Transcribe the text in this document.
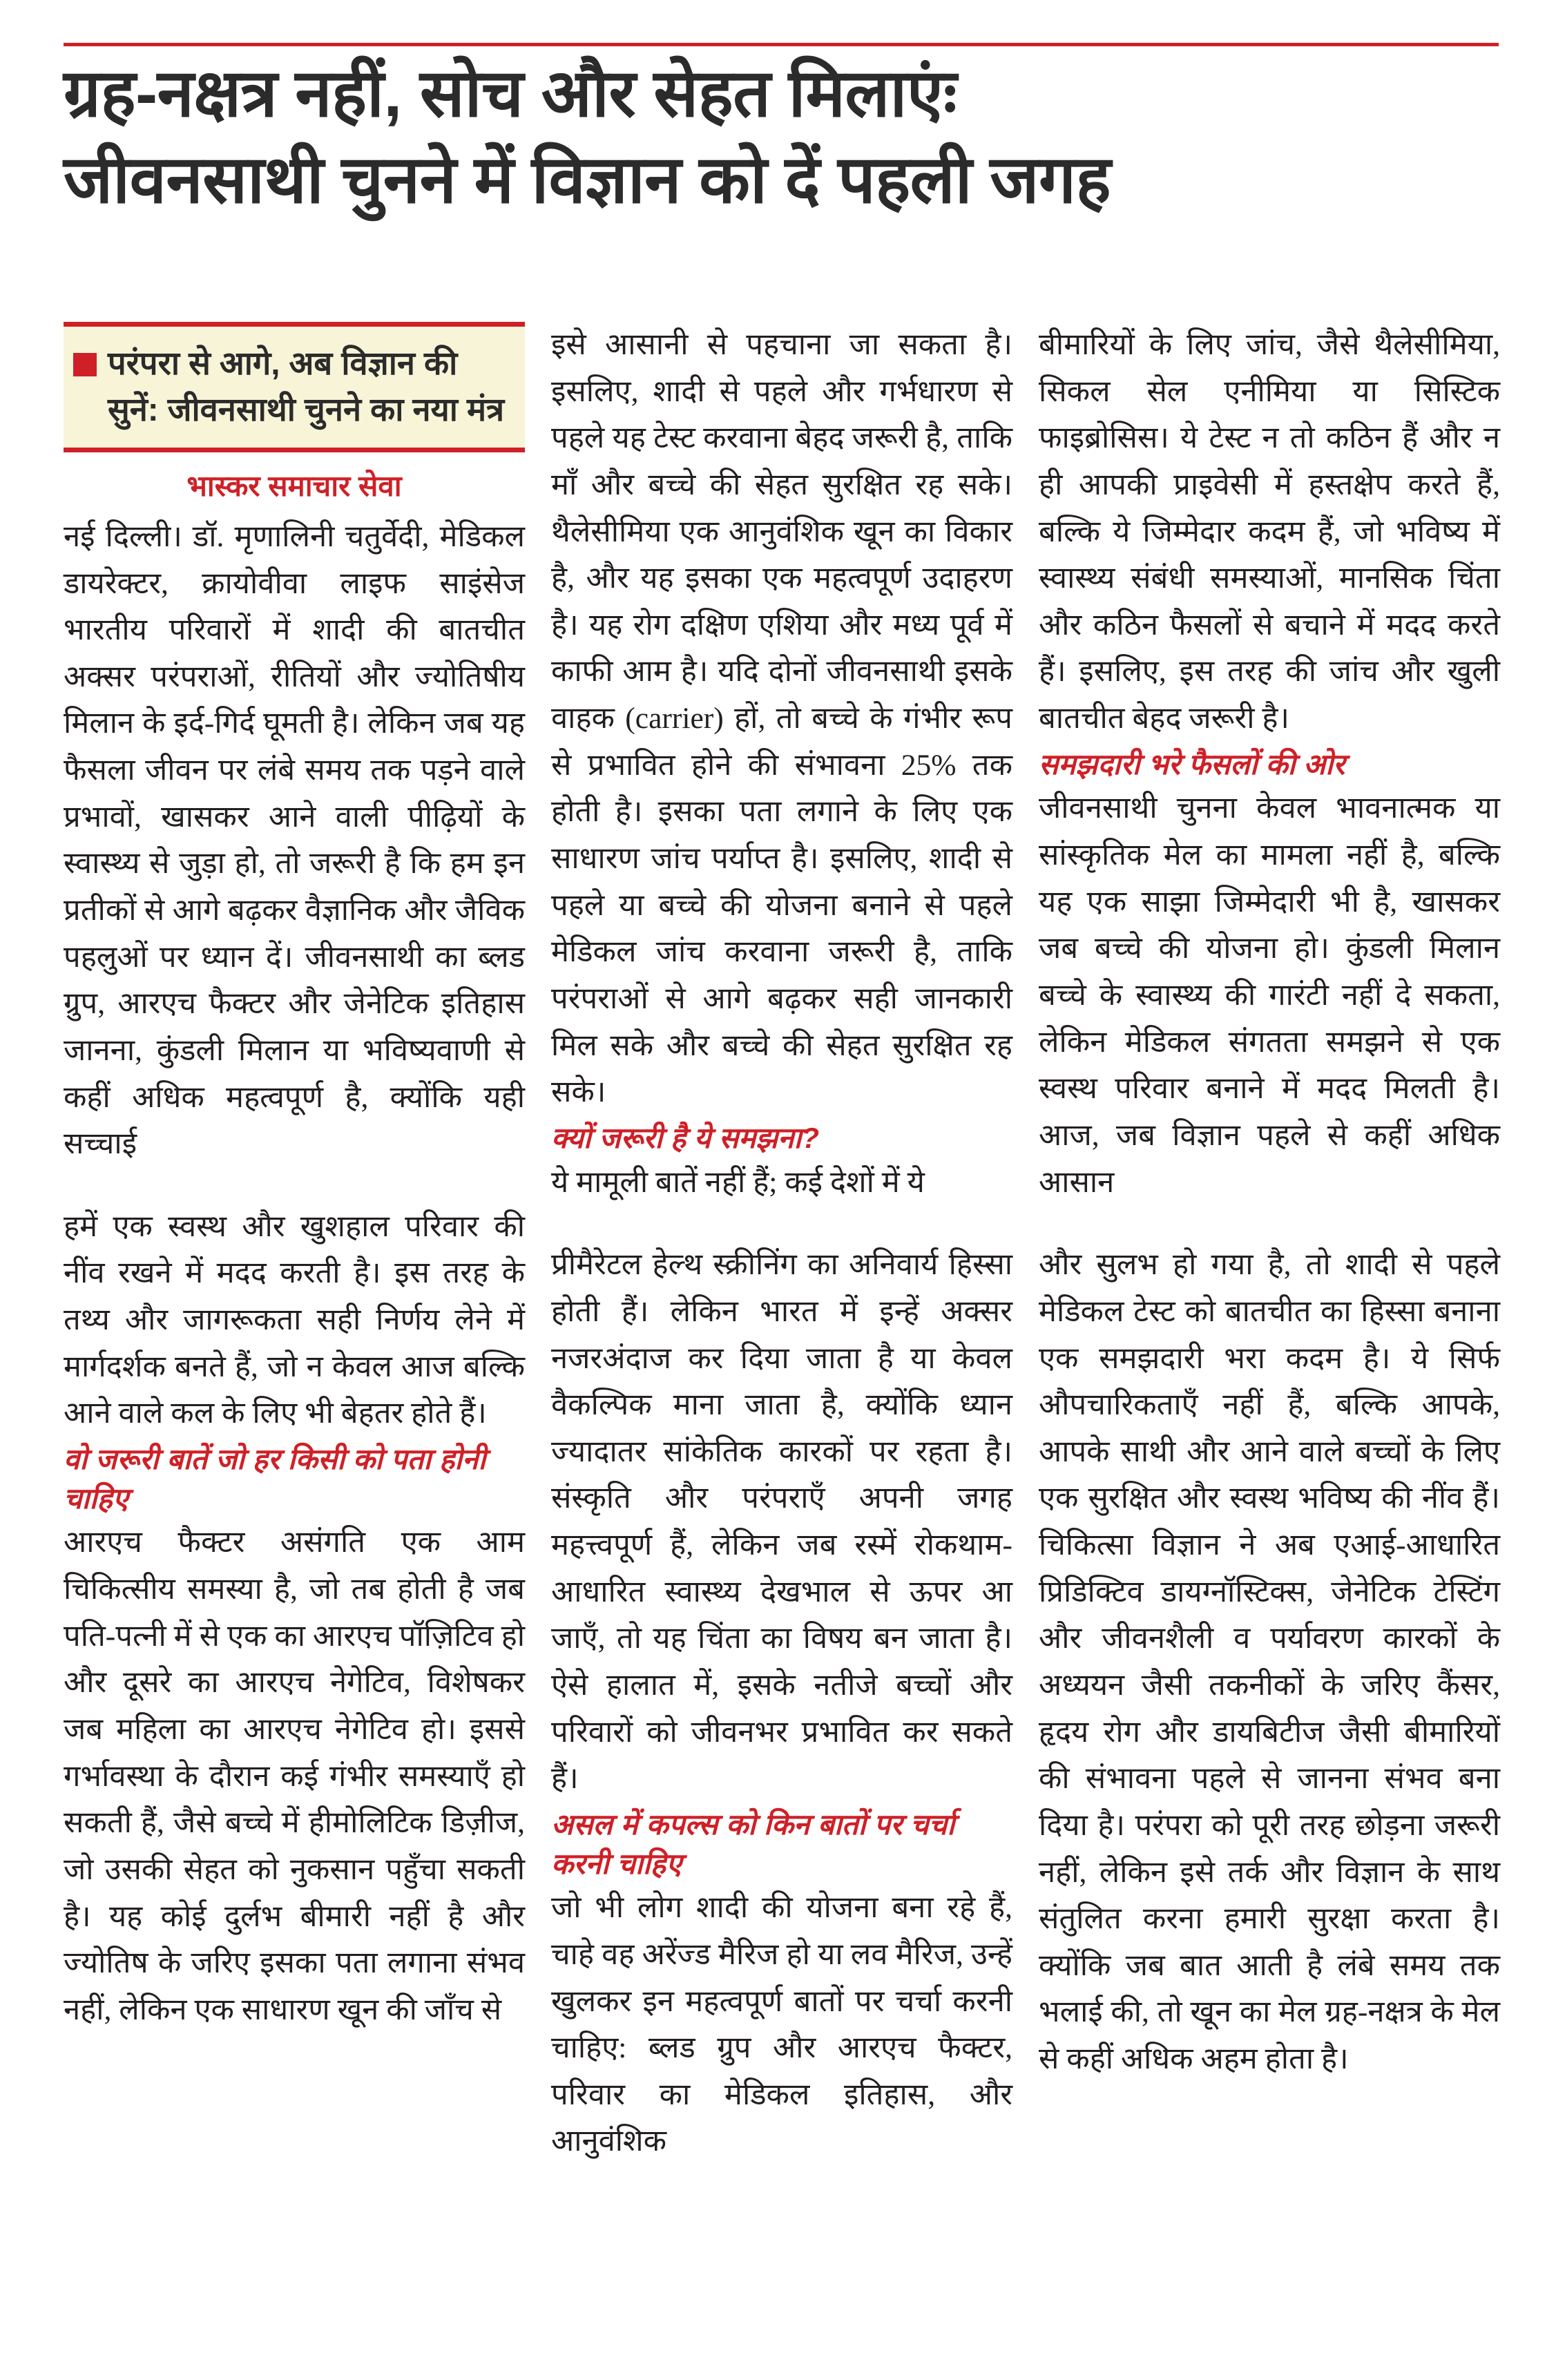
ग्रह-नक्षत्र नहीं, सोच और सेहत मिलाएंः
जीवनसाथी चुनने में विज्ञान को दें पहली जगह
परंपरा से आगे, अब विज्ञान की सुनें: जीवनसाथी चुनने का नया मंत्र
भास्कर समाचार सेवा

नई दिल्ली। डॉ. मृणालिनी चतुर्वेदी, मेडिकल डायरेक्टर, क्रायोवीवा लाइफ साइंसेज भारतीय परिवारों में शादी की बातचीत अक्सर परंपराओं, रीतियों और ज्योतिषीय मिलान के इर्द-गिर्द घूमती है। लेकिन जब यह फैसला जीवन पर लंबे समय तक पड़ने वाले प्रभावों, खासकर आने वाली पीढ़ियों के स्वास्थ्य से जुड़ा हो, तो जरूरी है कि हम इन प्रतीकों से आगे बढ़कर वैज्ञानिक और जैविक पहलुओं पर ध्यान दें। जीवनसाथी का ब्लड ग्रुप, आरएच फैक्टर और जेनेटिक इतिहास जानना, कुंडली मिलान या भविष्यवाणी से कहीं अधिक महत्वपूर्ण है, क्योंकि यही सच्चाई

हमें एक स्वस्थ और खुशहाल परिवार की नींव रखने में मदद करती है। इस तरह के तथ्य और जागरूकता सही निर्णय लेने में मार्गदर्शक बनते हैं, जो न केवल आज बल्कि आने वाले कल के लिए भी बेहतर होते हैं।

वो जरूरी बातें जो हर किसी को पता होनी चाहिए

आरएच फैक्टर असंगति एक आम चिकित्सीय समस्या है, जो तब होती है जब पति-पत्नी में से एक का आरएच पॉज़िटिव हो और दूसरे का आरएच नेगेटिव, विशेषकर जब महिला का आरएच नेगेटिव हो। इससे गर्भावस्था के दौरान कई गंभीर समस्याएँ हो सकती हैं, जैसे बच्चे में हीमोलिटिक डिज़ीज, जो उसकी सेहत को नुकसान पहुँचा सकती है। यह कोई दुर्लभ बीमारी नहीं है और ज्योतिष के जरिए इसका पता लगाना संभव नहीं, लेकिन एक साधारण खून की जाँच से

इसे आसानी से पहचाना जा सकता है। इसलिए, शादी से पहले और गर्भधारण से पहले यह टेस्ट करवाना बेहद जरूरी है, ताकि माँ और बच्चे की सेहत सुरक्षित रह सके। थैलेसीमिया एक आनुवंशिक खून का विकार है, और यह इसका एक महत्वपूर्ण उदाहरण है। यह रोग दक्षिण एशिया और मध्य पूर्व में काफी आम है। यदि दोनों जीवनसाथी इसके वाहक (carrier) हों, तो बच्चे के गंभीर रूप से प्रभावित होने की संभावना 25% तक होती है। इसका पता लगाने के लिए एक साधारण जांच पर्याप्त है। इसलिए, शादी से पहले या बच्चे की योजना बनाने से पहले मेडिकल जांच करवाना जरूरी है, ताकि परंपराओं से आगे बढ़कर सही जानकारी मिल सके और बच्चे की सेहत सुरक्षित रह सके।

क्यों जरूरी है ये समझना?

ये मामूली बातें नहीं हैं; कई देशों में ये

प्रीमैरेटल हेल्थ स्क्रीनिंग का अनिवार्य हिस्सा होती हैं। लेकिन भारत में इन्हें अक्सर नजरअंदाज कर दिया जाता है या केवल वैकल्पिक माना जाता है, क्योंकि ध्यान ज्यादातर सांकेतिक कारकों पर रहता है। संस्कृति और परंपराएँ अपनी जगह महत्त्वपूर्ण हैं, लेकिन जब रस्में रोकथाम-आधारित स्वास्थ्य देखभाल से ऊपर आ जाएँ, तो यह चिंता का विषय बन जाता है। ऐसे हालात में, इसके नतीजे बच्चों और परिवारों को जीवनभर प्रभावित कर सकते हैं।

असल में कपल्स को किन बातों पर चर्चा करनी चाहिए

जो भी लोग शादी की योजना बना रहे हैं, चाहे वह अरेंज्ड मैरिज हो या लव मैरिज, उन्हें खुलकर इन महत्वपूर्ण बातों पर चर्चा करनी चाहिए: ब्लड ग्रुप और आरएच फैक्टर, परिवार का मेडिकल इतिहास, और आनुवंशिक

बीमारियों के लिए जांच, जैसे थैलेसीमिया, सिकल सेल एनीमिया या सिस्टिक फाइब्रोसिस। ये टेस्ट न तो कठिन हैं और न ही आपकी प्राइवेसी में हस्तक्षेप करते हैं, बल्कि ये जिम्मेदार कदम हैं, जो भविष्य में स्वास्थ्य संबंधी समस्याओं, मानसिक चिंता और कठिन फैसलों से बचाने में मदद करते हैं। इसलिए, इस तरह की जांच और खुली बातचीत बेहद जरूरी है।

समझदारी भरे फैसलों की ओर

जीवनसाथी चुनना केवल भावनात्मक या सांस्कृतिक मेल का मामला नहीं है, बल्कि यह एक साझा जिम्मेदारी भी है, खासकर जब बच्चे की योजना हो। कुंडली मिलान बच्चे के स्वास्थ्य की गारंटी नहीं दे सकता, लेकिन मेडिकल संगतता समझने से एक स्वस्थ परिवार बनाने में मदद मिलती है। आज, जब विज्ञान पहले से कहीं अधिक आसान

और सुलभ हो गया है, तो शादी से पहले मेडिकल टेस्ट को बातचीत का हिस्सा बनाना एक समझदारी भरा कदम है। ये सिर्फ औपचारिकताएँ नहीं हैं, बल्कि आपके, आपके साथी और आने वाले बच्चों के लिए एक सुरक्षित और स्वस्थ भविष्य की नींव हैं। चिकित्सा विज्ञान ने अब एआई-आधारित प्रिडिक्टिव डायग्नॉस्टिक्स, जेनेटिक टेस्टिंग और जीवनशैली व पर्यावरण कारकों के अध्ययन जैसी तकनीकों के जरिए कैंसर, हृदय रोग और डायबिटीज जैसी बीमारियों की संभावना पहले से जानना संभव बना दिया है। परंपरा को पूरी तरह छोड़ना जरूरी नहीं, लेकिन इसे तर्क और विज्ञान के साथ संतुलित करना हमारी सुरक्षा करता है। क्योंकि जब बात आती है लंबे समय तक भलाई की, तो खून का मेल ग्रह-नक्षत्र के मेल से कहीं अधिक अहम होता है।
